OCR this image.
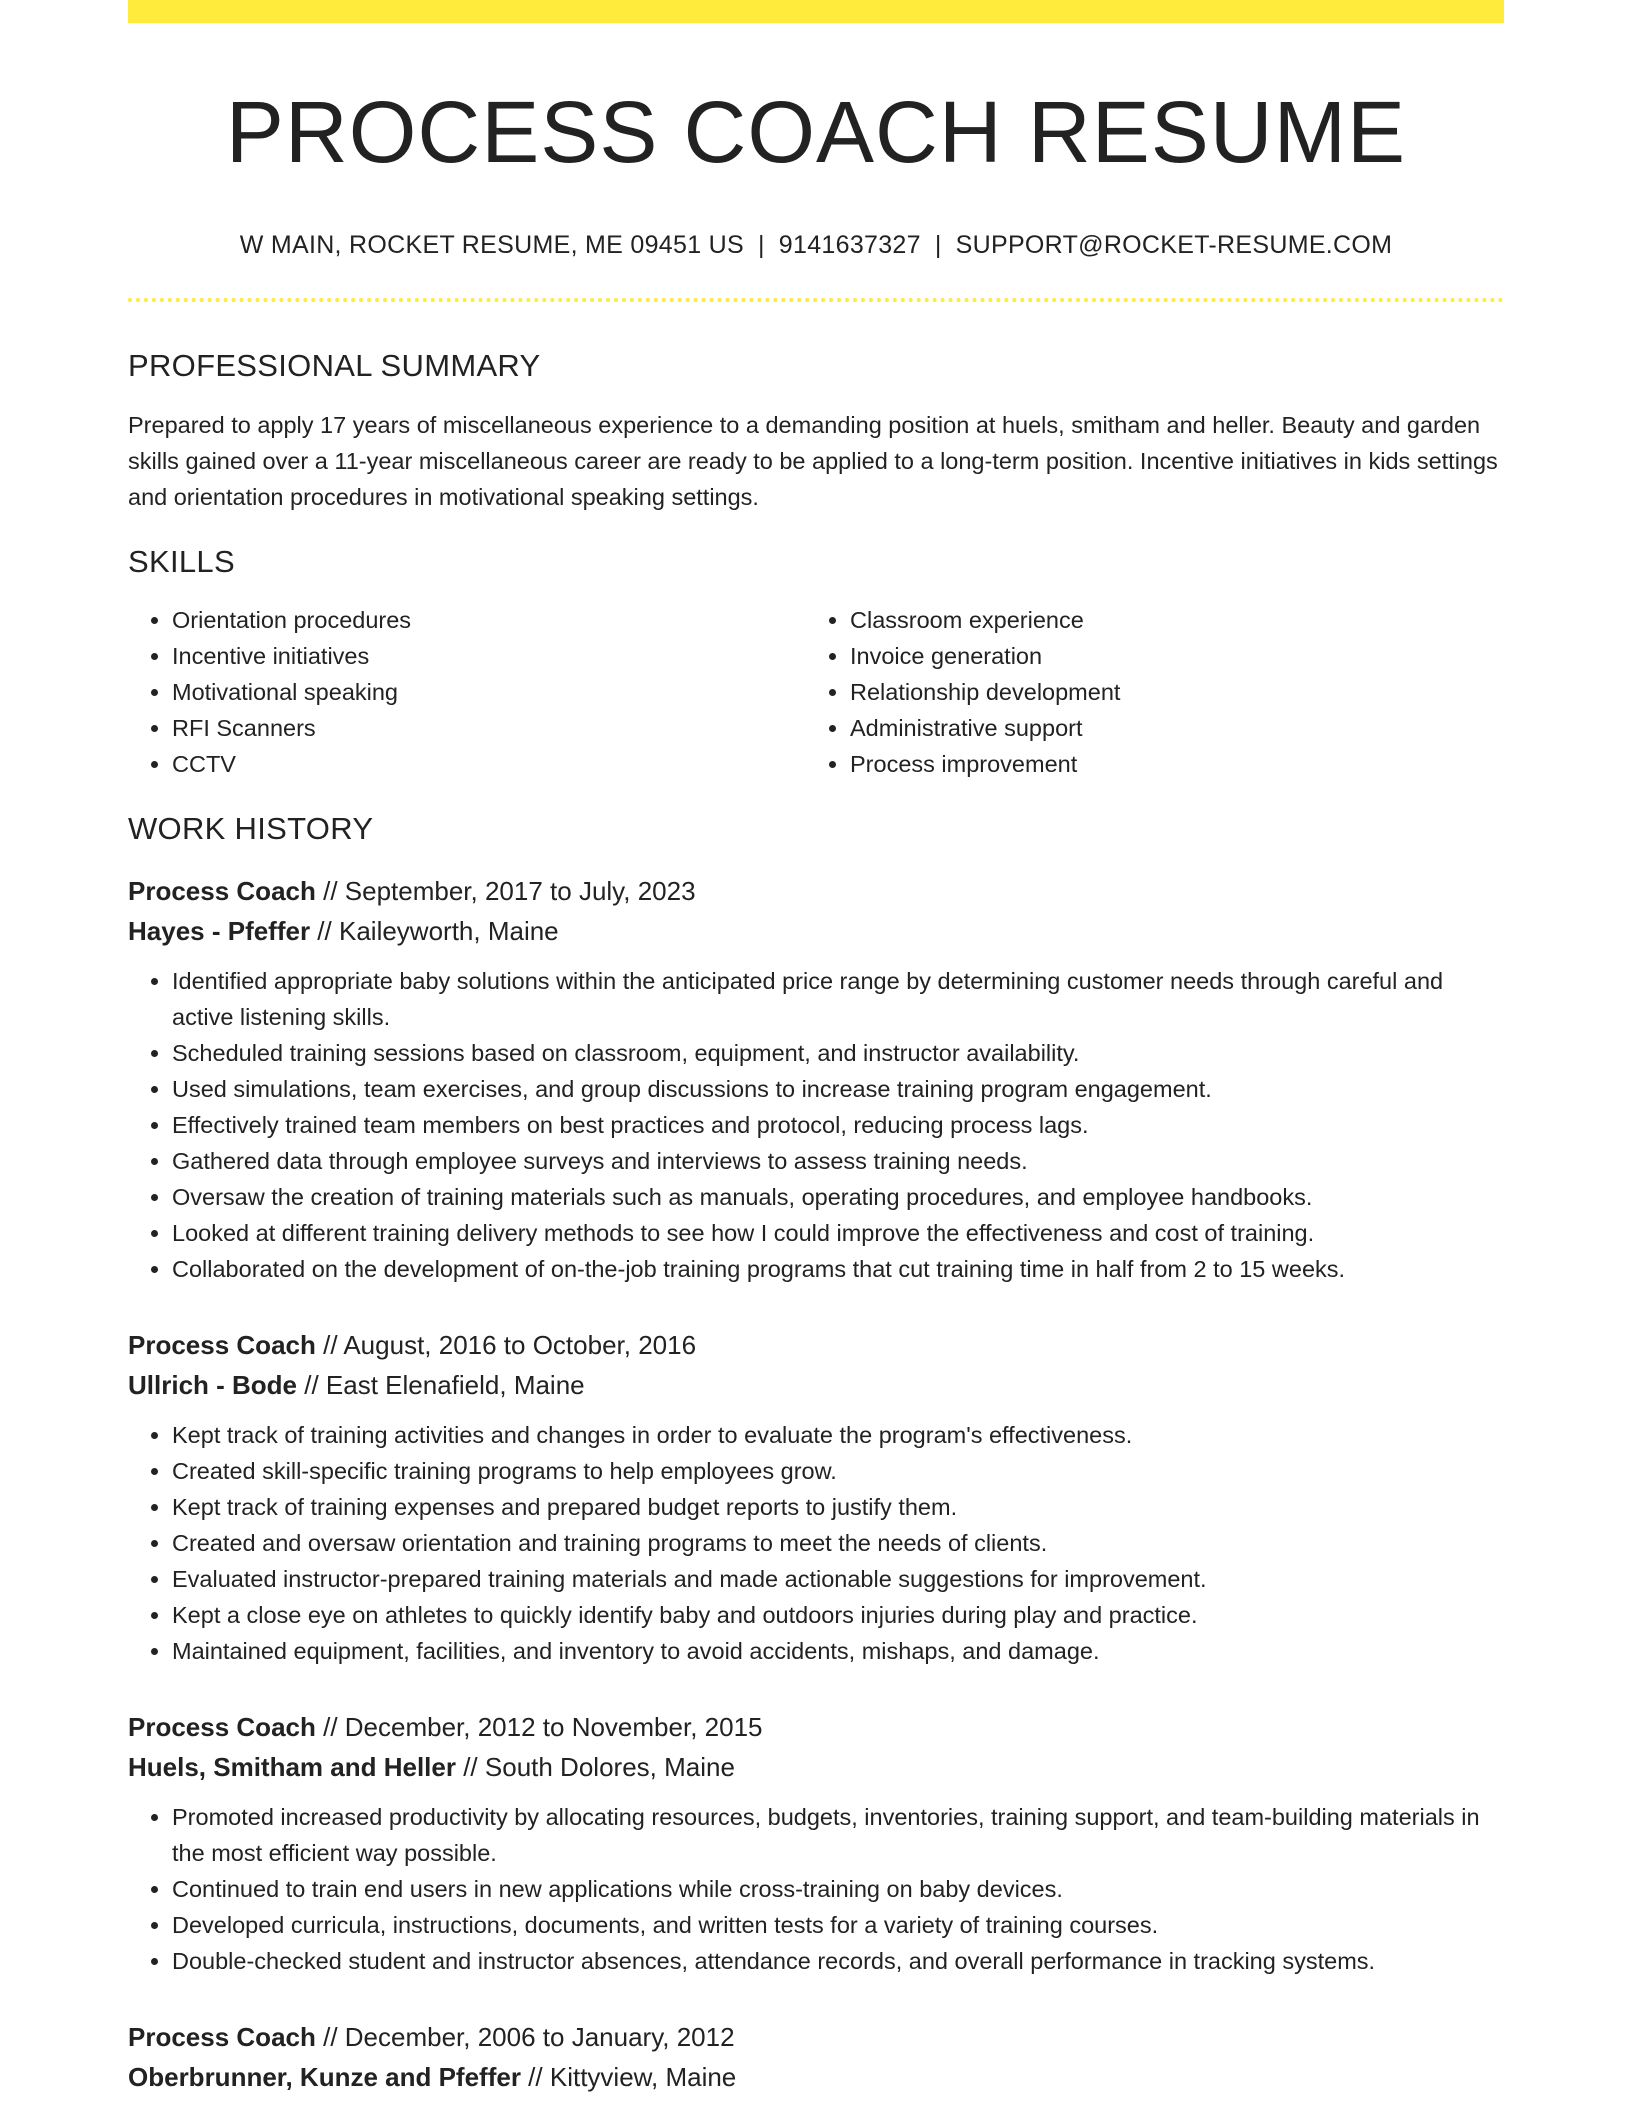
PROCESS COACH RESUME
W MAIN, ROCKET RESUME, ME 09451 US | 9141637327 | SUPPORT@ROCKET-RESUME.COM
PROFESSIONAL SUMMARY
Prepared to apply 17 years of miscellaneous experience to a demanding position at huels, smitham and heller. Beauty and garden skills gained over a 11-year miscellaneous career are ready to be applied to a long-term position. Incentive initiatives in kids settings and orientation procedures in motivational speaking settings.
SKILLS
• Orientation procedures
• Incentive initiatives
• Motivational speaking
• RFI Scanners
• CCTV
• Classroom experience
• Invoice generation
• Relationship development
• Administrative support
• Process improvement
WORK HISTORY
Process Coach // September, 2017 to July, 2023
Hayes - Pfeffer // Kaileyworth, Maine
• Identified appropriate baby solutions within the anticipated price range by determining customer needs through careful and active listening skills.
• Scheduled training sessions based on classroom, equipment, and instructor availability.
• Used simulations, team exercises, and group discussions to increase training program engagement.
• Effectively trained team members on best practices and protocol, reducing process lags.
• Gathered data through employee surveys and interviews to assess training needs.
• Oversaw the creation of training materials such as manuals, operating procedures, and employee handbooks.
• Looked at different training delivery methods to see how I could improve the effectiveness and cost of training.
• Collaborated on the development of on-the-job training programs that cut training time in half from 2 to 15 weeks.
Process Coach // August, 2016 to October, 2016
Ullrich - Bode // East Elenafield, Maine
• Kept track of training activities and changes in order to evaluate the program's effectiveness.
• Created skill-specific training programs to help employees grow.
• Kept track of training expenses and prepared budget reports to justify them.
• Created and oversaw orientation and training programs to meet the needs of clients.
• Evaluated instructor-prepared training materials and made actionable suggestions for improvement.
• Kept a close eye on athletes to quickly identify baby and outdoors injuries during play and practice.
• Maintained equipment, facilities, and inventory to avoid accidents, mishaps, and damage.
Process Coach // December, 2012 to November, 2015
Huels, Smitham and Heller // South Dolores, Maine
• Promoted increased productivity by allocating resources, budgets, inventories, training support, and team-building materials in the most efficient way possible.
• Continued to train end users in new applications while cross-training on baby devices.
• Developed curricula, instructions, documents, and written tests for a variety of training courses.
• Double-checked student and instructor absences, attendance records, and overall performance in tracking systems.
Process Coach // December, 2006 to January, 2012
Oberbrunner, Kunze and Pfeffer // Kittyview, Maine
